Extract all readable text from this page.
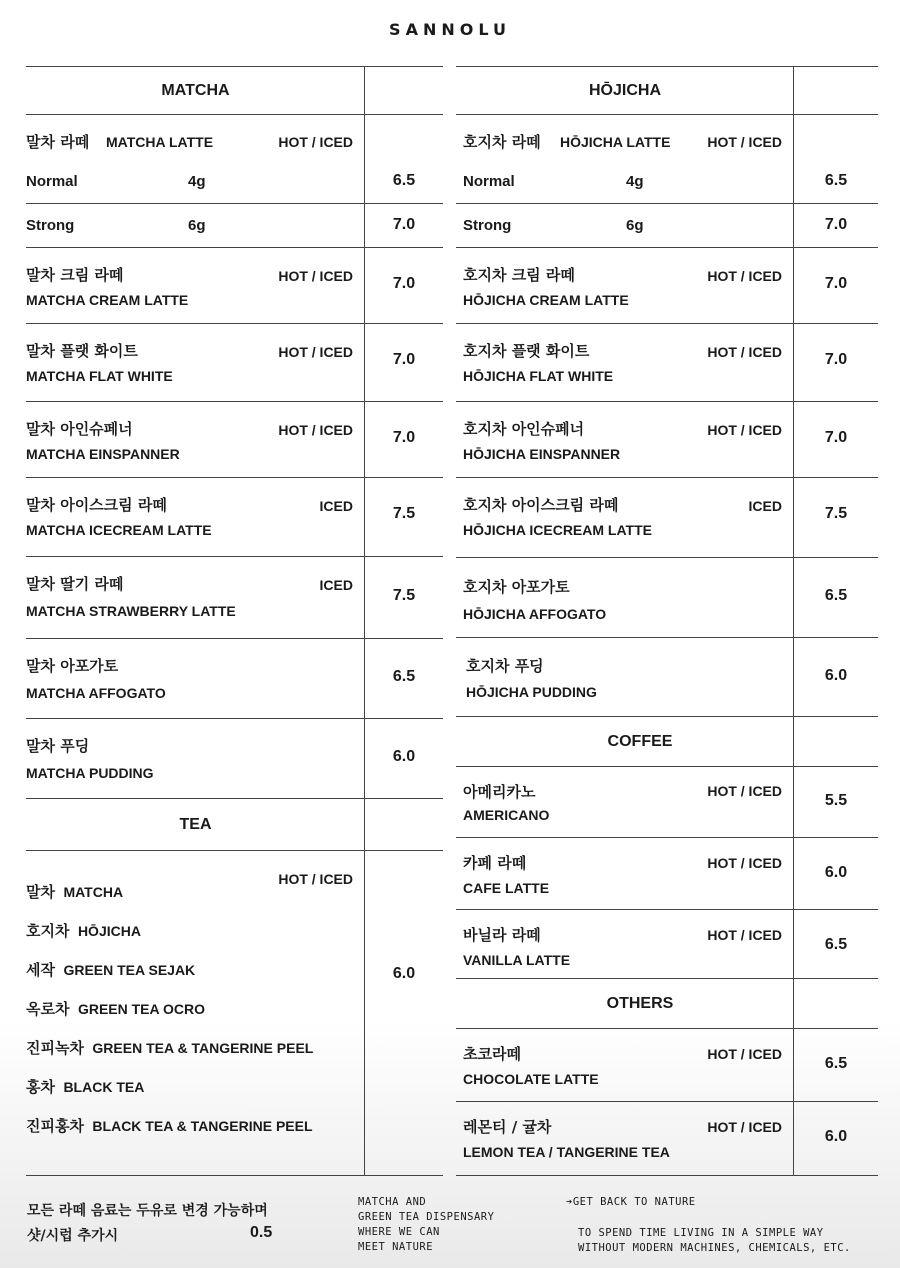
SANNOLU
MATCHA
말차 라떼 MATCHA LATTE	HOT / ICED
Normal	4g	6.5
Strong	6g	7.0
말차 크림 라떼
MATCHA CREAM LATTE
HOT / ICED	7.0
말차 플랫 화이트
MATCHA FLAT WHITE
HOT / ICED	7.0
말차 아인슈페너
MATCHA EINSPANNER
HOT / ICED	7.0
말차 아이스크림 라떼
MATCHA ICECREAM LATTE
ICED	7.5
말차 딸기 라떼
MATCHA STRAWBERRY LATTE
ICED
7.5
말차 아포가토
MATCHA AFFOGATO
6.5
말차 푸딩
MATCHA PUDDING
6.0
TEA
HOT / ICED
6.0
말차 MATCHA
호지차 HŌJICHA
세작 GREEN TEA SEJAK
옥로차 GREEN TEA OCRO
진피녹차 GREEN TEA & TANGERINE PEEL
홍차 BLACK TEA
진피홍차 BLACK TEA & TANGERINE PEEL
HŌJICHA
호지차 라떼 HŌJICHA LATTE	HOT / ICED
Normal	4g	6.5
Strong	6g	7.0
호지차 크림 라떼
HŌJICHA CREAM LATTE
HOT / ICED	7.0
호지차 플랫 화이트
HŌJICHA FLAT WHITE
HOT / ICED	7.0
호지차 아인슈페너
HŌJICHA EINSPANNER
HOT / ICED	7.0
호지차 아이스크림 라떼
HŌJICHA ICECREAM LATTE
ICED	7.5
호지차 아포가토
HŌJICHA AFFOGATO
6.5
호지차 푸딩
HŌJICHA PUDDING
6.0
COFFEE
아메리카노
AMERICANO
HOT / ICED
5.5
카페 라떼
CAFE LATTE
HOT / ICED
6.0
바닐라 라떼
VANILLA LATTE
HOT / ICED
6.5
OTHERS
초코라떼
CHOCOLATE LATTE
HOT / ICED
6.5
레몬티 / 귤차
LEMON TEA / TANGERINE TEA
HOT / ICED
6.0
모든 라떼 음료는 두유로 변경 가능하며
샷/시럽 추가시	0.5
MATCHA AND
GREEN TEA DISPENSARY
WHERE WE CAN
MEET NATURE
➔GET BACK TO NATURE
TO SPEND TIME LIVING IN A SIMPLE WAY
WITHOUT MODERN MACHINES, CHEMICALS, ETC.
